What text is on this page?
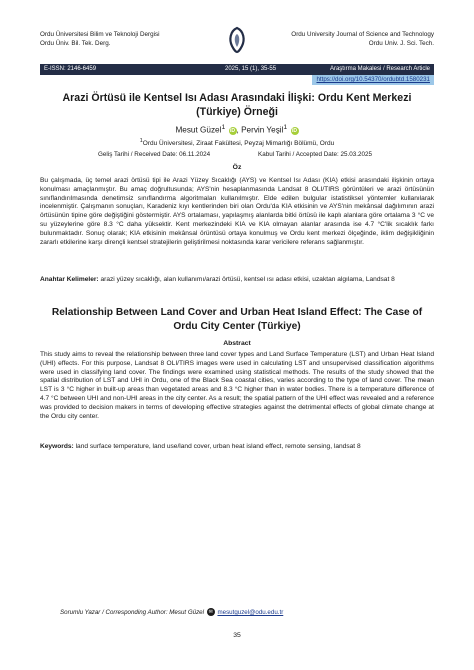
Ordu Üniversitesi Bilim ve Teknoloji Dergisi
Ordu Üniv. Bil. Tek. Derg.
Ordu University Journal of Science and Technology
Ordu Univ. J. Sci. Tech.
E-ISSN: 2146-6459	2025, 15 (1), 35-55	Araştırma Makalesi / Research Article
https://doi.org/10.54370/ordubtd.1580231
Arazi Örtüsü ile Kentsel Isı Adası Arasındaki İlişki: Ordu Kent Merkezi (Türkiye) Örneği
Mesut Güzel$^1$ iD , Pervin Yeşil$^1$ iD
$^1$Ordu Üniversitesi, Ziraat Fakültesi, Peyzaj Mimarlığı Bölümü, Ordu
Geliş Tarihi / Received Date: 06.11.2024	Kabul Tarihi / Accepted Date: 25.03.2025
Öz

Bu çalışmada, üç temel arazi örtüsü tipi ile Arazi Yüzey Sıcaklığı (AYS) ve Kentsel Isı Adası (KIA) etkisi arasındaki ilişkinin ortaya konulması amaçlanmıştır. Bu amaç doğrultusunda; AYS'nin hesaplanmasında Landsat 8 OLI/TIRS görüntüleri ve arazi örtüsünün sınıflandırılmasında denetimsiz sınıflandırma algoritmaları kullanılmıştır. Elde edilen bulgular istatistiksel yöntemler kullanılarak incelenmiştir. Çalışmanın sonuçları, Karadeniz kıyı kentlerinden biri olan Ordu'da KIA etkisinin ve AYS'nin mekânsal dağılımının arazi örtüsünün tipine göre değiştiğini göstermiştir. AYS ortalaması, yapılaşmış alanlarda bitki örtüsü ile kaplı alanlara göre ortalama 3 °C ve su yüzeylerine göre 8.3 °C daha yüksektir. Kent merkezindeki KIA ve KIA olmayan alanlar arasında ise 4.7 °C'lik sıcaklık farkı bulunmaktadır. Sonuç olarak; KIA etkisinin mekânsal örüntüsü ortaya konulmuş ve Ordu kent merkezi ölçeğinde, iklim değişikliğinin zararlı etkilerine karşı dirençli kentsel stratejilerin geliştirilmesi noktasında karar vericilere referans sağlanmıştır.

Anahtar Kelimeler: arazi yüzey sıcaklığı, alan kullanımı/arazi örtüsü, kentsel ısı adası etkisi, uzaktan algılama, Landsat 8

Relationship Between Land Cover and Urban Heat Island Effect: The Case of Ordu City Center (Türkiye)
Abstract

This study aims to reveal the relationship between three land cover types and Land Surface Temperature (LST) and Urban Heat Island (UHI) effects. For this purpose, Landsat 8 OLI/TIRS images were used in calculating LST and unsupervised classification algorithms were used in classifying land cover. The findings were examined using statistical methods. The results of the study showed that the spatial distribution of LST and UHI in Ordu, one of the Black Sea coastal cities, varies according to the type of land cover. The mean LST is 3 °C higher in built-up areas than vegetated areas and 8.3 °C higher than in water bodies. There is a temperature difference of 4.7 °C between UHI and non-UHI areas in the city center. As a result; the spatial pattern of the UHI effect was revealed and a reference was provided to decision makers in terms of developing effective strategies against the detrimental effects of global climate change at the Ordu city center.

Keywords: land surface temperature, land use/land cover, urban heat island effect, remote sensing, landsat 8

Sorumlu Yazar / Corresponding Author: Mesut Güzel ✉ mesutguzel@odu.edu.tr
35
